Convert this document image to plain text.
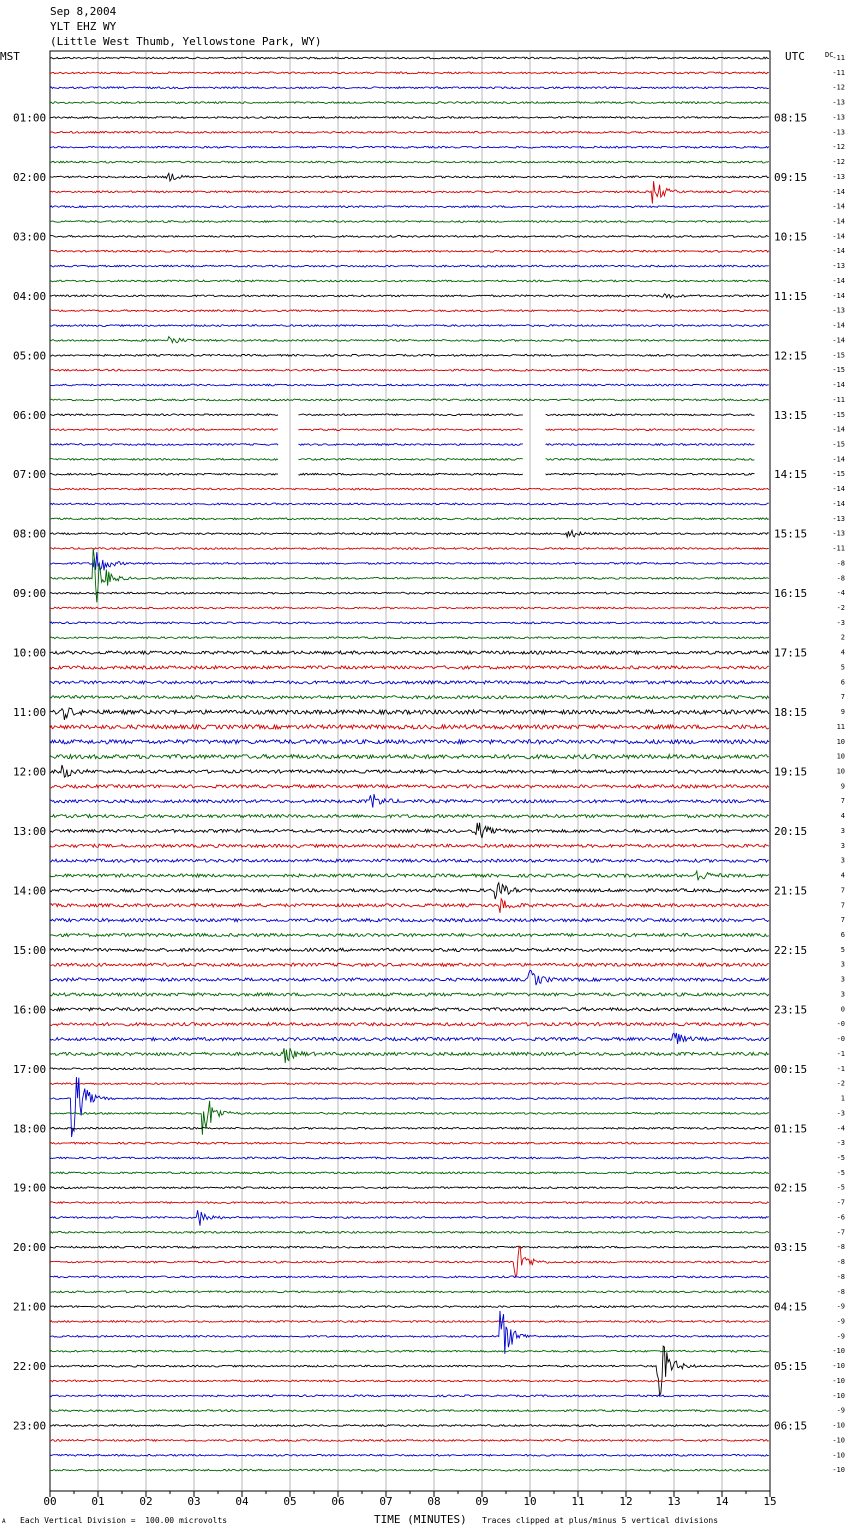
Sep 8,2004
YLT EHZ WY
(Little West Thumb, Yellowstone Park, WY)
00	01	02	03	04	05	06	07	08	09	10	11	12	13	14	15
MST	UTC	DC
01:00	08:15
02:00	09:15
03:00	10:15
04:00	11:15
05:00	12:15
06:00	13:15
07:00	14:15
08:00	15:15
09:00	16:15
10:00	17:15
11:00	18:15
12:00	19:15
13:00	20:15
14:00	21:15
15:00	22:15
16:00	23:15
17:00	00:15
18:00	01:15
19:00	02:15
20:00	03:15
21:00	04:15
22:00	05:15
23:00	06:15
-11
-11
-12
-13
-13
-13
-12
-12
-13
-14
-14
-14
-14
-14
-13
-14
-14
-13
-14
-14
-15
-15
-14
-11
-15
-14
-15
-14
-15
-14
-14
-13
-13
-11
-8
-8
-4
-2
-3
2
4
5
6
7
9
11
10
10
10
9
7
4
3
3
3
4
7
7
7
6
5
3
3
3
0
-0
-0
-1
-1
-2
1
-3
-4
-3
-5
-5
-5
-7
-6
-7
-8
-8
-8
-8
-9
-9
-9
-10
-10
-10
-10
-9
-10
-10
-10
-10
Each Vertical Division =  100.00 microvolts	TIME (MINUTES) Traces clipped at plus/minus 5 vertical divisions
A
